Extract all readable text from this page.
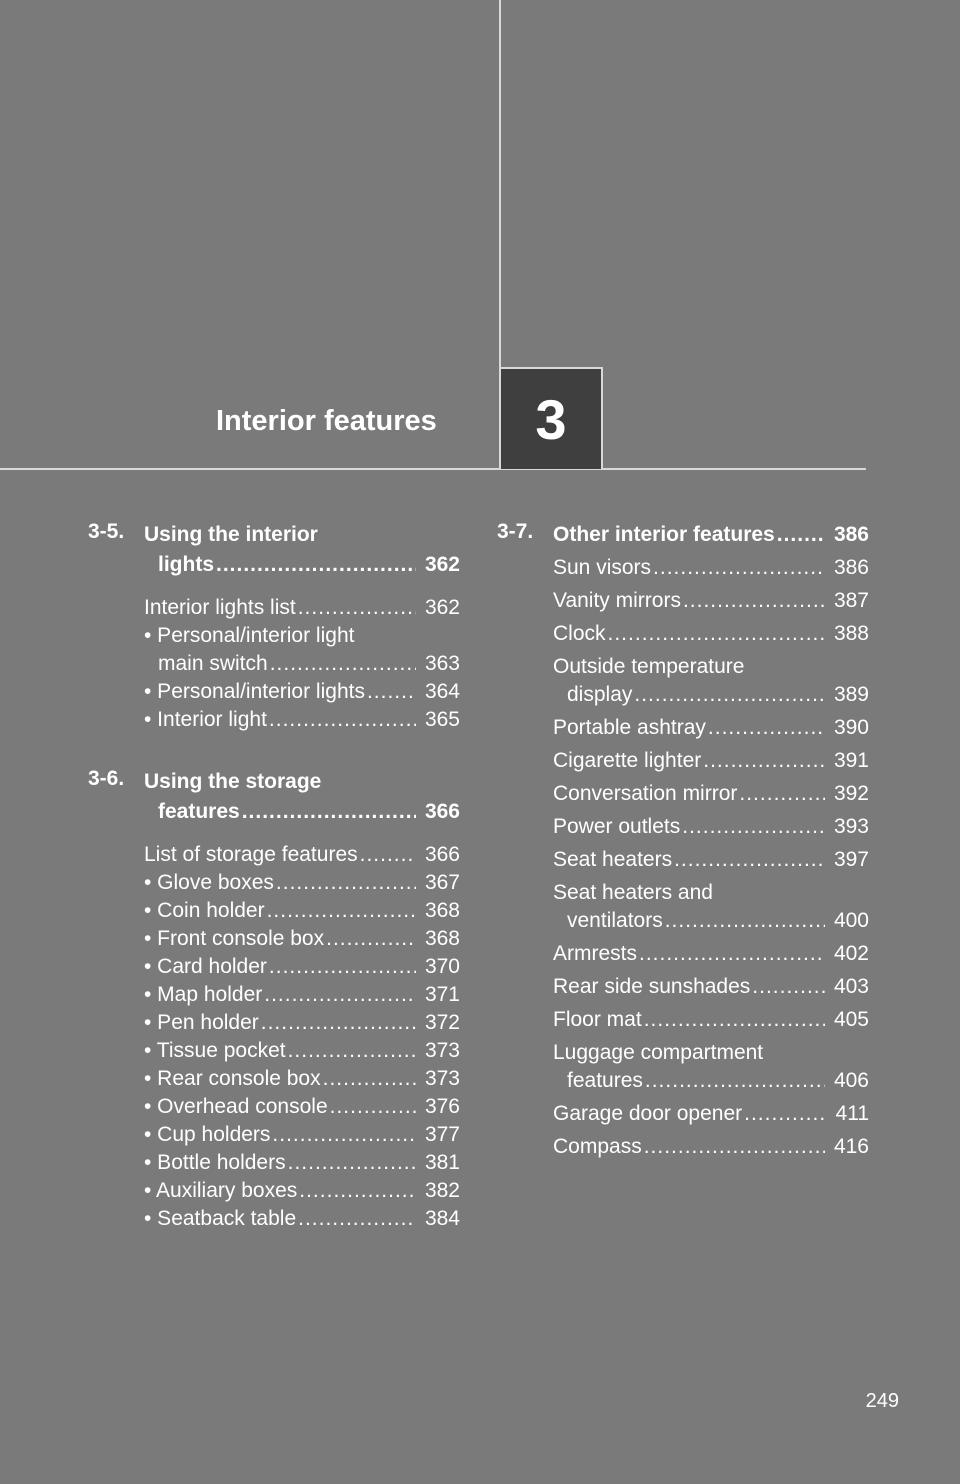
Interior features	3
3-5. Using the interior
lights .....	362
Interior lights list .....	362
• Personal/interior light
main switch .....	363
• Personal/interior lights .....	364
• Interior light .....	365
3-6. Using the storage
features .....	366
List of storage features .....	366
• Glove boxes .....	367
• Coin holder .....	368
• Front console box .....	368
• Card holder .....	370
• Map holder .....	371
• Pen holder .....	372
• Tissue pocket .....	373
• Rear console box .....	373
• Overhead console .....	376
• Cup holders .....	377
• Bottle holders .....	381
• Auxiliary boxes .....	382
• Seatback table .....	384
3-7. Other interior features .....	386
Sun visors .....	386
Vanity mirrors .....	387
Clock .....	388
Outside temperature
display .....	389
Portable ashtray .....	390
Cigarette lighter .....	391
Conversation mirror .....	392
Power outlets .....	393
Seat heaters .....	397
Seat heaters and
ventilators .....	400
Armrests .....	402
Rear side sunshades .....	403
Floor mat .....	405
Luggage compartment
features .....	406
Garage door opener .....	411
Compass .....	416
249
